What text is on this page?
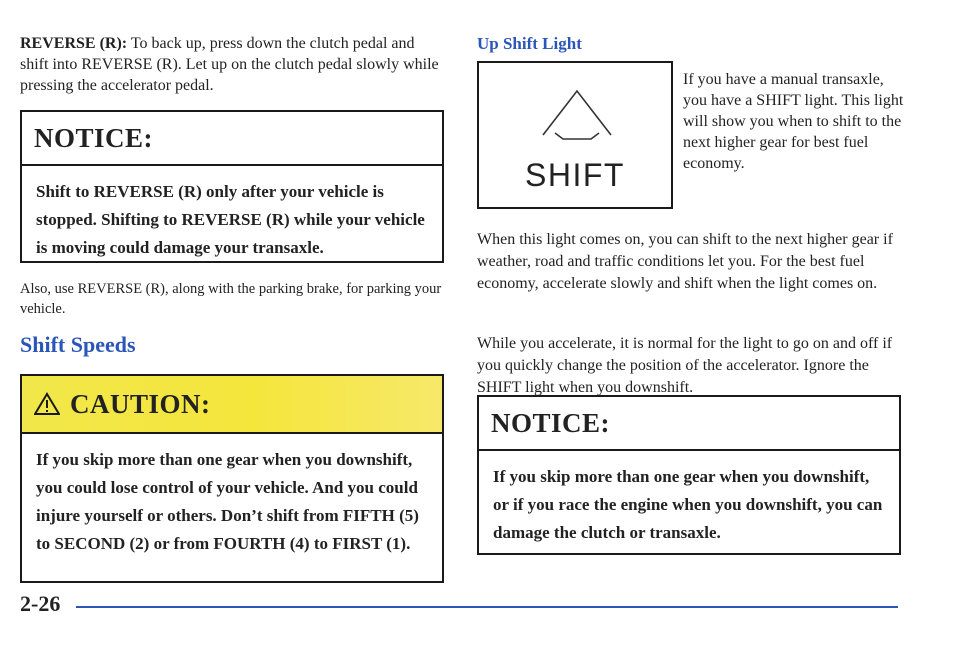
REVERSE (R): To back up, press down the clutch pedal and shift into REVERSE (R). Let up on the clutch pedal slowly while pressing the accelerator pedal.

NOTICE:
Shift to REVERSE (R) only after your vehicle is stopped. Shifting to REVERSE (R) while your vehicle is moving could damage your transaxle.

Also, use REVERSE (R), along with the parking brake, for parking your vehicle.

Shift Speeds
CAUTION:
If you skip more than one gear when you downshift, you could lose control of your vehicle. And you could injure yourself or others. Don’t shift from FIFTH (5) to SECOND (2) or from FOURTH (4) to FIRST (1).
Up Shift Light
SHIFT

If you have a manual transaxle, you have a SHIFT light. This light will show you when to shift to the next higher gear for best fuel economy.

When this light comes on, you can shift to the next higher gear if weather, road and traffic conditions let you. For the best fuel economy, accelerate slowly and shift when the light comes on.

While you accelerate, it is normal for the light to go on and off if you quickly change the position of the accelerator. Ignore the SHIFT light when you downshift.

NOTICE:
If you skip more than one gear when you downshift, or if you race the engine when you downshift, you can damage the clutch or transaxle.
2-26
